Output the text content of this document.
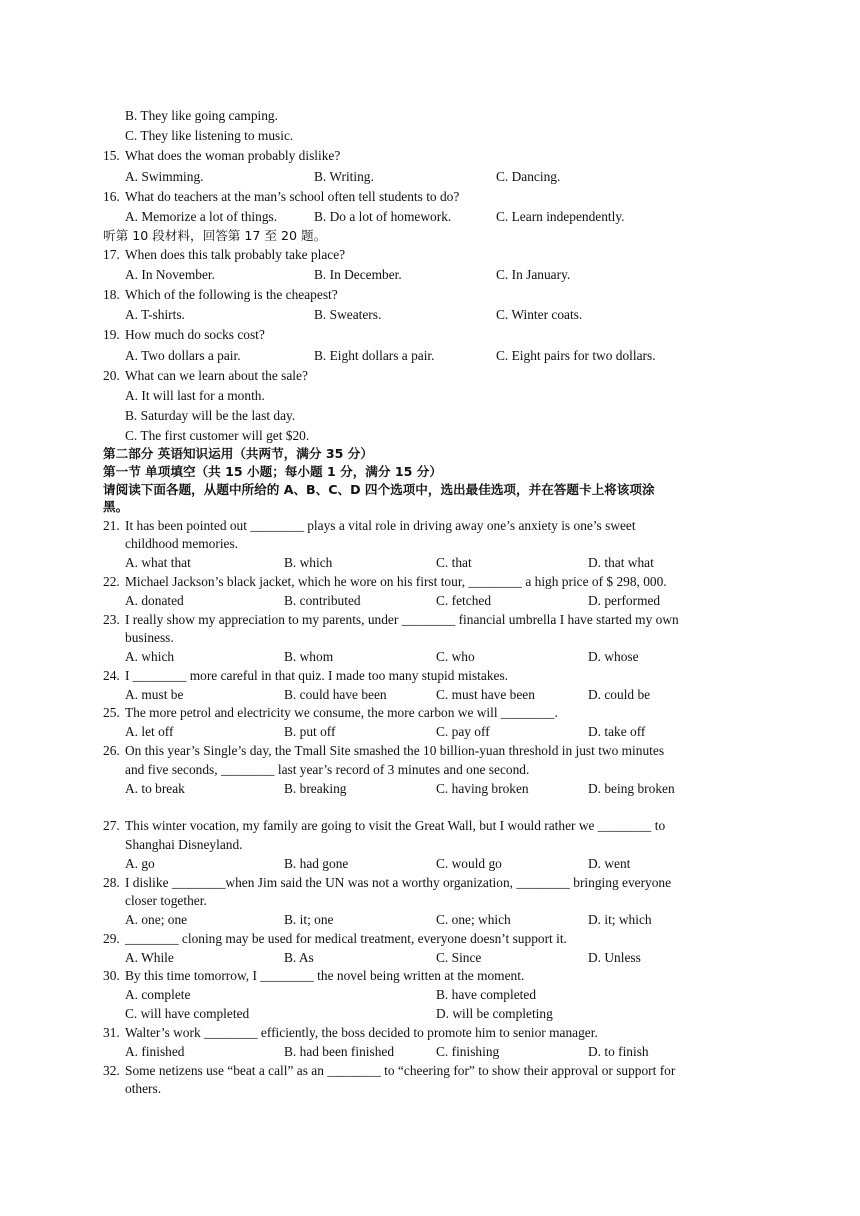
B. They like going camping.
C. They like listening to music.
15. What does the woman probably dislike?
A. Swimming.	B. Writing.	C. Dancing.
16. What do teachers at the man’s school often tell students to do?
A. Memorize a lot of things.	B. Do a lot of homework.	C. Learn independently.
听第 10 段材料，回答第 17 至 20 题。
17. When does this talk probably take place?
A. In November.	B. In December.	C. In January.
18. Which of the following is the cheapest?
A. T-shirts.	B. Sweaters.	C. Winter coats.
19. How much do socks cost?
A. Two dollars a pair.	B. Eight dollars a pair.	C. Eight pairs for two dollars.
20. What can we learn about the sale?
A. It will last for a month.
B. Saturday will be the last day.
C. The first customer will get $20.
第二部分 英语知识运用（共两节，满分 35 分）
第一节 单项填空（共 15 小题；每小题 1 分，满分 15 分）
请阅读下面各题，从题中所给的 A、B、C、D 四个选项中，选出最佳选项，并在答题卡上将该项涂
黑。
21. It has been pointed out ________ plays a vital role in driving away one’s anxiety is one’s sweet
childhood memories.
A. what that	B. which	C. that	D. that what
22. Michael Jackson’s black jacket, which he wore on his first tour, ________ a high price of $ 298, 000.
A. donated	B. contributed	C. fetched	D. performed
23. I really show my appreciation to my parents, under ________ financial umbrella I have started my own
business.
A. which	B. whom	C. who	D. whose
24. I ________ more careful in that quiz. I made too many stupid mistakes.
A. must be	B. could have been	C. must have been	D. could be
25. The more petrol and electricity we consume, the more carbon we will ________.
A. let off	B. put off	C. pay off	D. take off
26. On this year’s Single’s day, the Tmall Site smashed the 10 billion-yuan threshold in just two minutes
and five seconds, ________ last year’s record of 3 minutes and one second.
A. to break	B. breaking	C. having broken	D. being broken
27. This winter vocation, my family are going to visit the Great Wall, but I would rather we ________ to
Shanghai Disneyland.
A. go	B. had gone	C. would go	D. went
28. I dislike ________when Jim said the UN was not a worthy organization, ________ bringing everyone
closer together.
A. one; one	B. it; one	C. one; which	D. it; which
29. ________ cloning may be used for medical treatment, everyone doesn’t support it.
A. While	B. As	C. Since	D. Unless
30. By this time tomorrow, I ________ the novel being written at the moment.
A. complete	B. have completed
C. will have completed	D. will be completing
31. Walter’s work ________ efficiently, the boss decided to promote him to senior manager.
A. finished	B. had been finished	C. finishing	D. to finish
32. Some netizens use “beat a call” as an ________ to “cheering for” to show their approval or support for
others.
